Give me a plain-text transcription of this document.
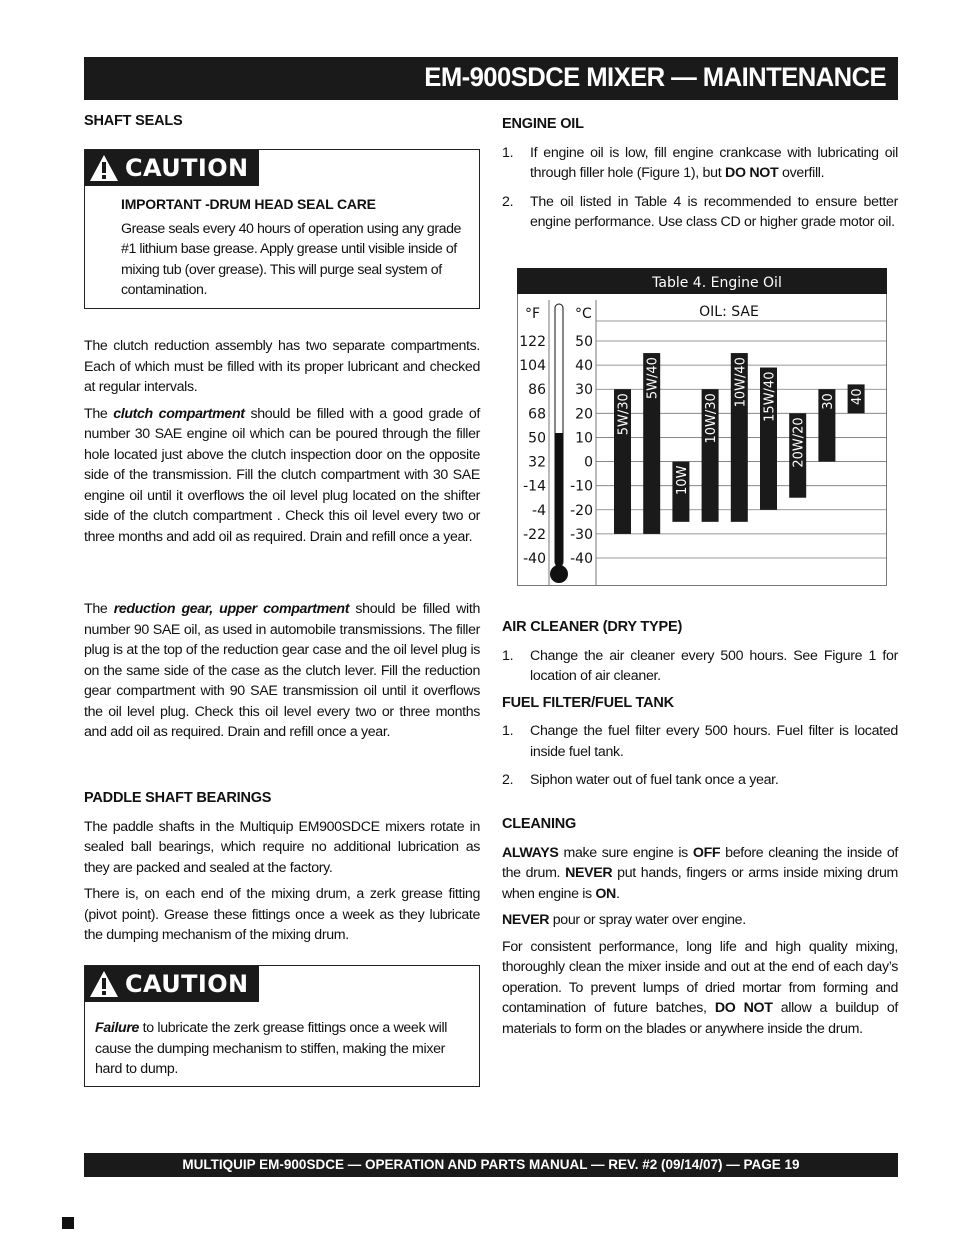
EM-900SDCE MIXER — MAINTENANCE

SHAFT SEALS

CAUTION

IMPORTANT -DRUM HEAD SEAL CARE

Grease seals every 40 hours of operation using any grade #1 lithium base grease. Apply grease until visible inside of mixing tub (over grease). This will purge seal system of contamination.

The clutch reduction assembly has two separate compartments. Each of which must be filled with its proper lubricant and checked at regular intervals.

The clutch compartment should be filled with a good grade of number 30 SAE engine oil which can be poured through the filler hole located just above the clutch inspection door on the opposite side of the transmission. Fill the clutch compartment with 30 SAE engine oil until it overflows the oil level plug located on the shifter side of the clutch compartment . Check this oil level every two or three months and add oil as required. Drain and refill once a year.

The reduction gear, upper compartment should be filled with number 90 SAE oil, as used in automobile transmissions. The filler plug is at the top of the reduction gear case and the oil level plug is on the same side of the case as the clutch lever. Fill the reduction gear compartment with 90 SAE transmission oil until it overflows the oil level plug. Check this oil level every two or three months and add oil as required. Drain and refill once a year.

PADDLE SHAFT BEARINGS

The paddle shafts in the Multiquip EM900SDCE mixers rotate in sealed ball bearings, which require no additional lubrication as they are packed and sealed at the factory.

There is, on each end of the mixing drum, a zerk grease fitting (pivot point). Grease these fittings once a week as they lubricate the dumping mechanism of the mixing drum.

CAUTION

Failure to lubricate the zerk grease fittings once a week will cause the dumping mechanism to stiffen, making the mixer hard to dump.

ENGINE OIL

1. If engine oil is low, fill engine crankcase with lubricating oil through filler hole (Figure 1), but DO NOT overfill.
2. The oil listed in Table 4 is recommended to ensure better engine performance. Use class CD or higher grade motor oil.
Table 4. Engine Oil
°F °C	OIL: SAE
122
104
86
68
50
32
-14
-4
-22
-40
50
40
30
20
10
0
-10
-20
-30
-40
5W/30
5W/40
10W
10W/30
10W/40 15W/40
20W/20
30 40

AIR CLEANER (DRY TYPE)

1. Change the air cleaner every 500 hours. See Figure 1 for location of air cleaner.

FUEL FILTER/FUEL TANK

1. Change the fuel filter every 500 hours. Fuel filter is located inside fuel tank.
2. Siphon water out of fuel tank once a year.

CLEANING

ALWAYS make sure engine is OFF before cleaning the inside of the drum. NEVER put hands, fingers or arms inside mixing drum when engine is ON.

NEVER pour or spray water over engine.

For consistent performance, long life and high quality mixing, thoroughly clean the mixer inside and out at the end of each day’s operation. To prevent lumps of dried mortar from forming and contamination of future batches, DO NOT allow a buildup of materials to form on the blades or anywhere inside the drum.

MULTIQUIP EM-900SDCE — OPERATION AND PARTS MANUAL — REV. #2 (09/14/07) — PAGE 19
